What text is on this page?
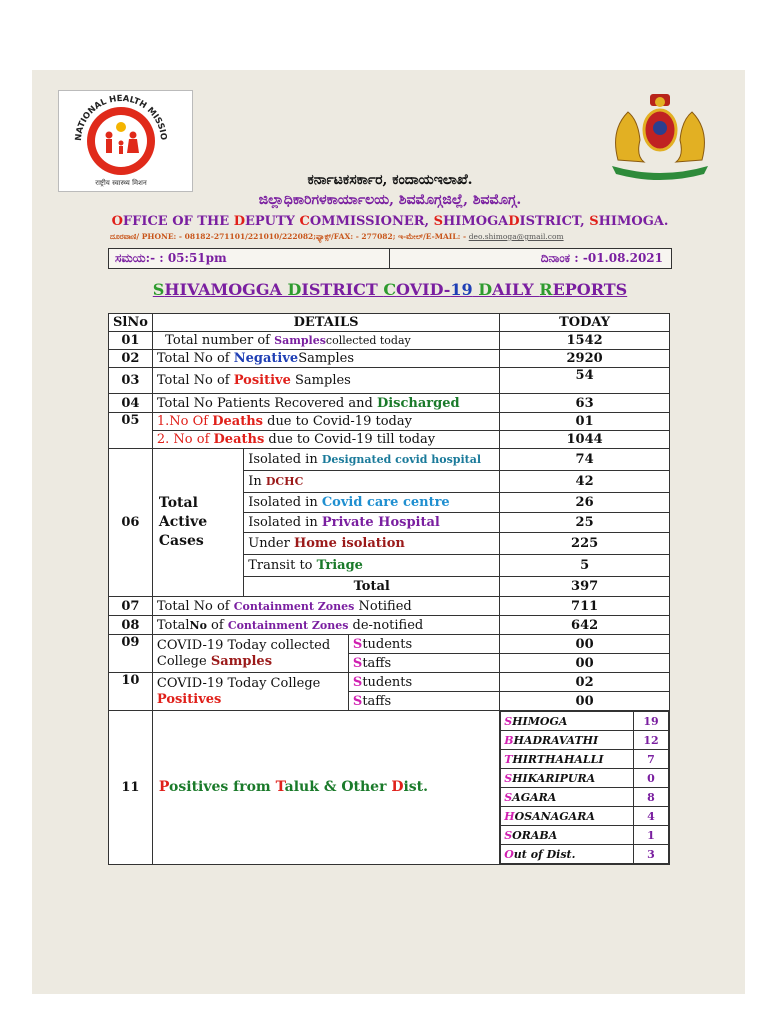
राष्ट्रीय स्वास्थ्य मिशन
NATIONAL HEALTH MISSIO
ಕರ್ನಾಟಕಸರ್ಕಾರ, ಕಂದಾಯಇಲಾಖೆ.
ಜಿಲ್ಲಾಧಿಕಾರಿಗಳಕಾರ್ಯಾಲಯ, ಶಿವಮೊಗ್ಗಜಿಲ್ಲೆ, ಶಿವಮೊಗ್ಗ.
OFFICE OF THE DEPUTY COMMISSIONER, SHIMOGADISTRICT, SHIMOGA.
ದೂರವಾಣಿ/ PHONE: - 08182-271101/221010/222082;ಫ್ಯಾಕ್ಸ್/FAX: - 277082; ಇ-ಮೇಲ್/E-MAIL: - deo.shimoga@gmail.com
ಸಮಯ:- : 05:51pm	ದಿನಾಂಕ : -01.08.2021
SHIVAMOGGA DISTRICT COVID-19 DAILY REPORTS
SlNo	DETAILS	TODAY
01	Total number of Samplescollected today	1542
02	Total No of NegativeSamples	2920
03	Total No of Positive Samples	54
04	Total No Patients Recovered and Discharged	63
05	1.No Of Deaths due to Covid-19 today	01
2. No of Deaths due to Covid-19 till today	1044
06	Total Active Cases	Isolated in Designated covid hospital	74
In DCHC	42
Isolated in Covid care centre	26
Isolated in Private Hospital	25
Under Home isolation	225
Transit to Triage	5
Total	397
07	Total No of Containment Zones Notified	711
08	TotalNo of Containment Zones de-notified	642
09	COVID-19 Today collected College Samples	Students	00
Staffs	00
10	COVID-19 Today College
Positives	Students	02
Staffs	00
11	Positives from Taluk & Other Dist.	
SHIMOGA	19
BHADRAVATHI	12
THIRTHAHALLI	7
SHIKARIPURA	0
SAGARA	8
HOSANAGARA	4
SORABA	1
Out of Dist.	3
